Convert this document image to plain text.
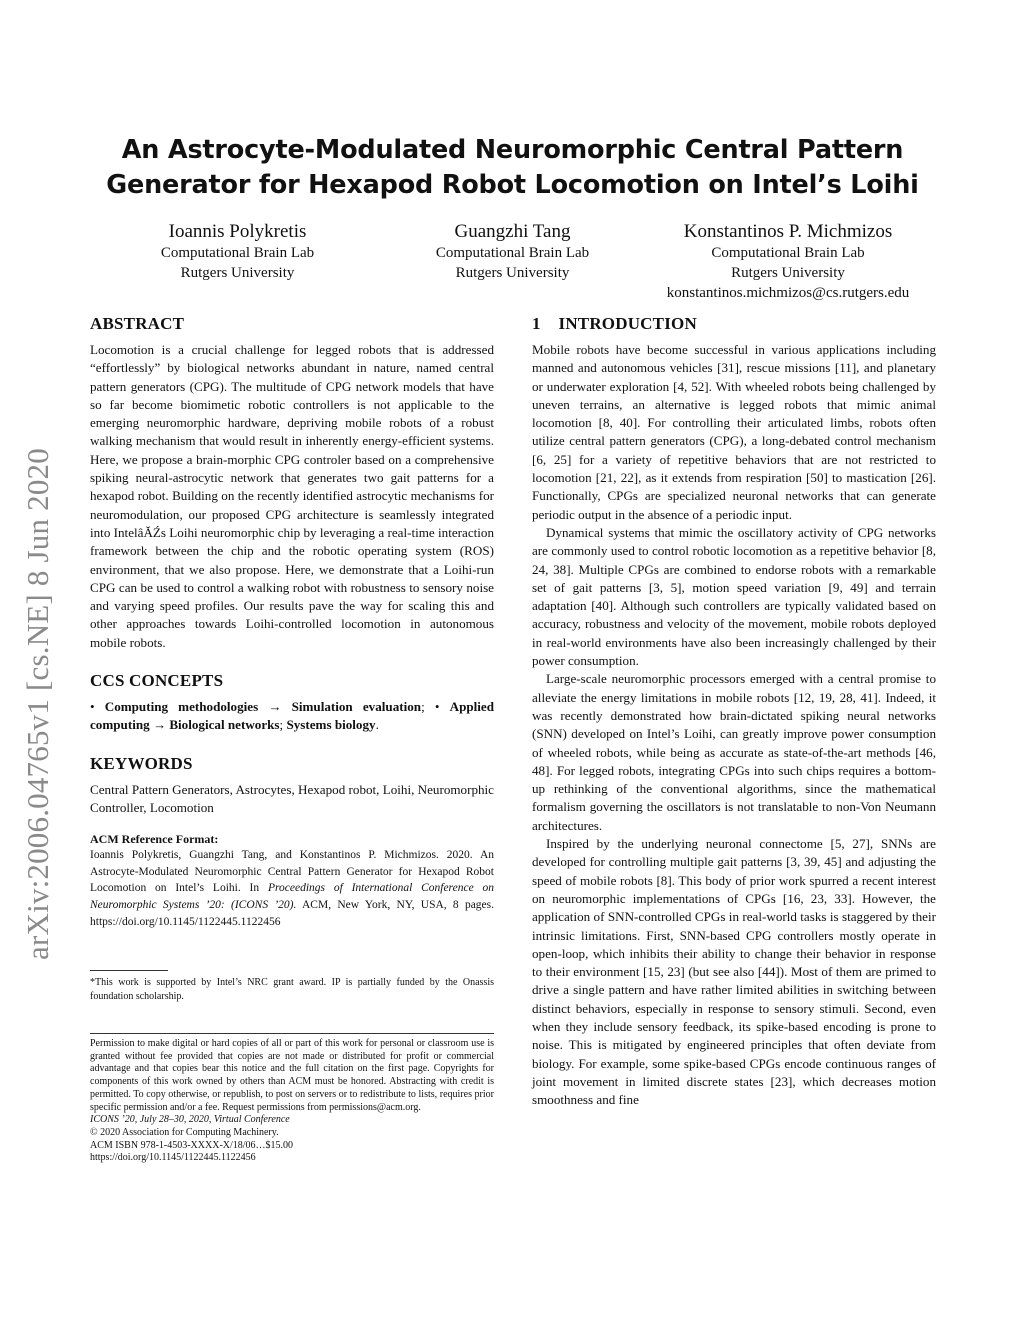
arXiv:2006.04765v1 [cs.NE] 8 Jun 2020
An Astrocyte-Modulated Neuromorphic Central Pattern
Generator for Hexapod Robot Locomotion on Intel’s Loihi
Ioannis Polykretis
Computational Brain Lab
Rutgers University
Guangzhi Tang
Computational Brain Lab
Rutgers University
Konstantinos P. Michmizos
Computational Brain Lab
Rutgers University
konstantinos.michmizos@cs.rutgers.edu
ABSTRACT

Locomotion is a crucial challenge for legged robots that is addressed “effortlessly” by biological networks abundant in nature, named central pattern generators (CPG). The multitude of CPG network models that have so far become biomimetic robotic controllers is not applicable to the emerging neuromorphic hardware, depriving mobile robots of a robust walking mechanism that would result in inherently energy-efficient systems. Here, we propose a brain-morphic CPG controler based on a comprehensive spiking neural-astrocytic network that generates two gait patterns for a hexapod robot. Building on the recently identified astrocytic mechanisms for neuromodulation, our proposed CPG architecture is seamlessly integrated into IntelâĂŹs Loihi neuromorphic chip by leveraging a real-time interaction framework between the chip and the robotic operating system (ROS) environment, that we also propose. Here, we demonstrate that a Loihi-run CPG can be used to control a walking robot with robustness to sensory noise and varying speed profiles. Our results pave the way for scaling this and other approaches towards Loihi-controlled locomotion in autonomous mobile robots.

CCS CONCEPTS

• Computing methodologies → Simulation evaluation; • Applied computing → Biological networks; Systems biology.

KEYWORDS

Central Pattern Generators, Astrocytes, Hexapod robot, Loihi, Neuromorphic Controller, Locomotion

ACM Reference Format:
Ioannis Polykretis, Guangzhi Tang, and Konstantinos P. Michmizos. 2020. An Astrocyte-Modulated Neuromorphic Central Pattern Generator for Hexapod Robot Locomotion on Intel’s Loihi. In Proceedings of International Conference on Neuromorphic Systems ’20: (ICONS ’20). ACM, New York, NY, USA, 8 pages. https://doi.org/10.1145/1122445.1122456
*This work is supported by Intel’s NRC grant award. IP is partially funded by the Onassis foundation scholarship.
Permission to make digital or hard copies of all or part of this work for personal or classroom use is granted without fee provided that copies are not made or distributed for profit or commercial advantage and that copies bear this notice and the full citation on the first page. Copyrights for components of this work owned by others than ACM must be honored. Abstracting with credit is permitted. To copy otherwise, or republish, to post on servers or to redistribute to lists, requires prior specific permission and/or a fee. Request permissions from permissions@acm.org.
ICONS ’20, July 28–30, 2020, Virtual Conference
© 2020 Association for Computing Machinery.
ACM ISBN 978-1-4503-XXXX-X/18/06…$15.00
https://doi.org/10.1145/1122445.1122456
1    INTRODUCTION

Mobile robots have become successful in various applications including manned and autonomous vehicles [31], rescue missions [11], and planetary or underwater exploration [4, 52]. With wheeled robots being challenged by uneven terrains, an alternative is legged robots that mimic animal locomotion [8, 40]. For controlling their articulated limbs, robots often utilize central pattern generators (CPG), a long-debated control mechanism [6, 25] for a variety of repetitive behaviors that are not restricted to locomotion [21, 22], as it extends from respiration [50] to mastication [26]. Functionally, CPGs are specialized neuronal networks that can generate periodic output in the absence of a periodic input.

Dynamical systems that mimic the oscillatory activity of CPG networks are commonly used to control robotic locomotion as a repetitive behavior [8, 24, 38]. Multiple CPGs are combined to endorse robots with a remarkable set of gait patterns [3, 5], motion speed variation [9, 49] and terrain adaptation [40]. Although such controllers are typically validated based on accuracy, robustness and velocity of the movement, mobile robots deployed in real-world environments have also been increasingly challenged by their power consumption.

Large-scale neuromorphic processors emerged with a central promise to alleviate the energy limitations in mobile robots [12, 19, 28, 41]. Indeed, it was recently demonstrated how brain-dictated spiking neural networks (SNN) developed on Intel’s Loihi, can greatly improve power consumption of wheeled robots, while being as accurate as state-of-the-art methods [46, 48]. For legged robots, integrating CPGs into such chips requires a bottom-up rethinking of the conventional algorithms, since the mathematical formalism governing the oscillators is not translatable to non-Von Neumann architectures.

Inspired by the underlying neuronal connectome [5, 27], SNNs are developed for controlling multiple gait patterns [3, 39, 45] and adjusting the speed of mobile robots [8]. This body of prior work spurred a recent interest on neuromorphic implementations of CPGs [16, 23, 33]. However, the application of SNN-controlled CPGs in real-world tasks is staggered by their intrinsic limitations. First, SNN-based CPG controllers mostly operate in open-loop, which inhibits their ability to change their behavior in response to their environment [15, 23] (but see also [44]). Most of them are primed to drive a single pattern and have rather limited abilities in switching between distinct behaviors, especially in response to sensory stimuli. Second, even when they include sensory feedback, its spike-based encoding is prone to noise. This is mitigated by engineered principles that often deviate from biology. For example, some spike-based CPGs encode continuous ranges of joint movement in limited discrete states [23], which decreases motion smoothness and fine
